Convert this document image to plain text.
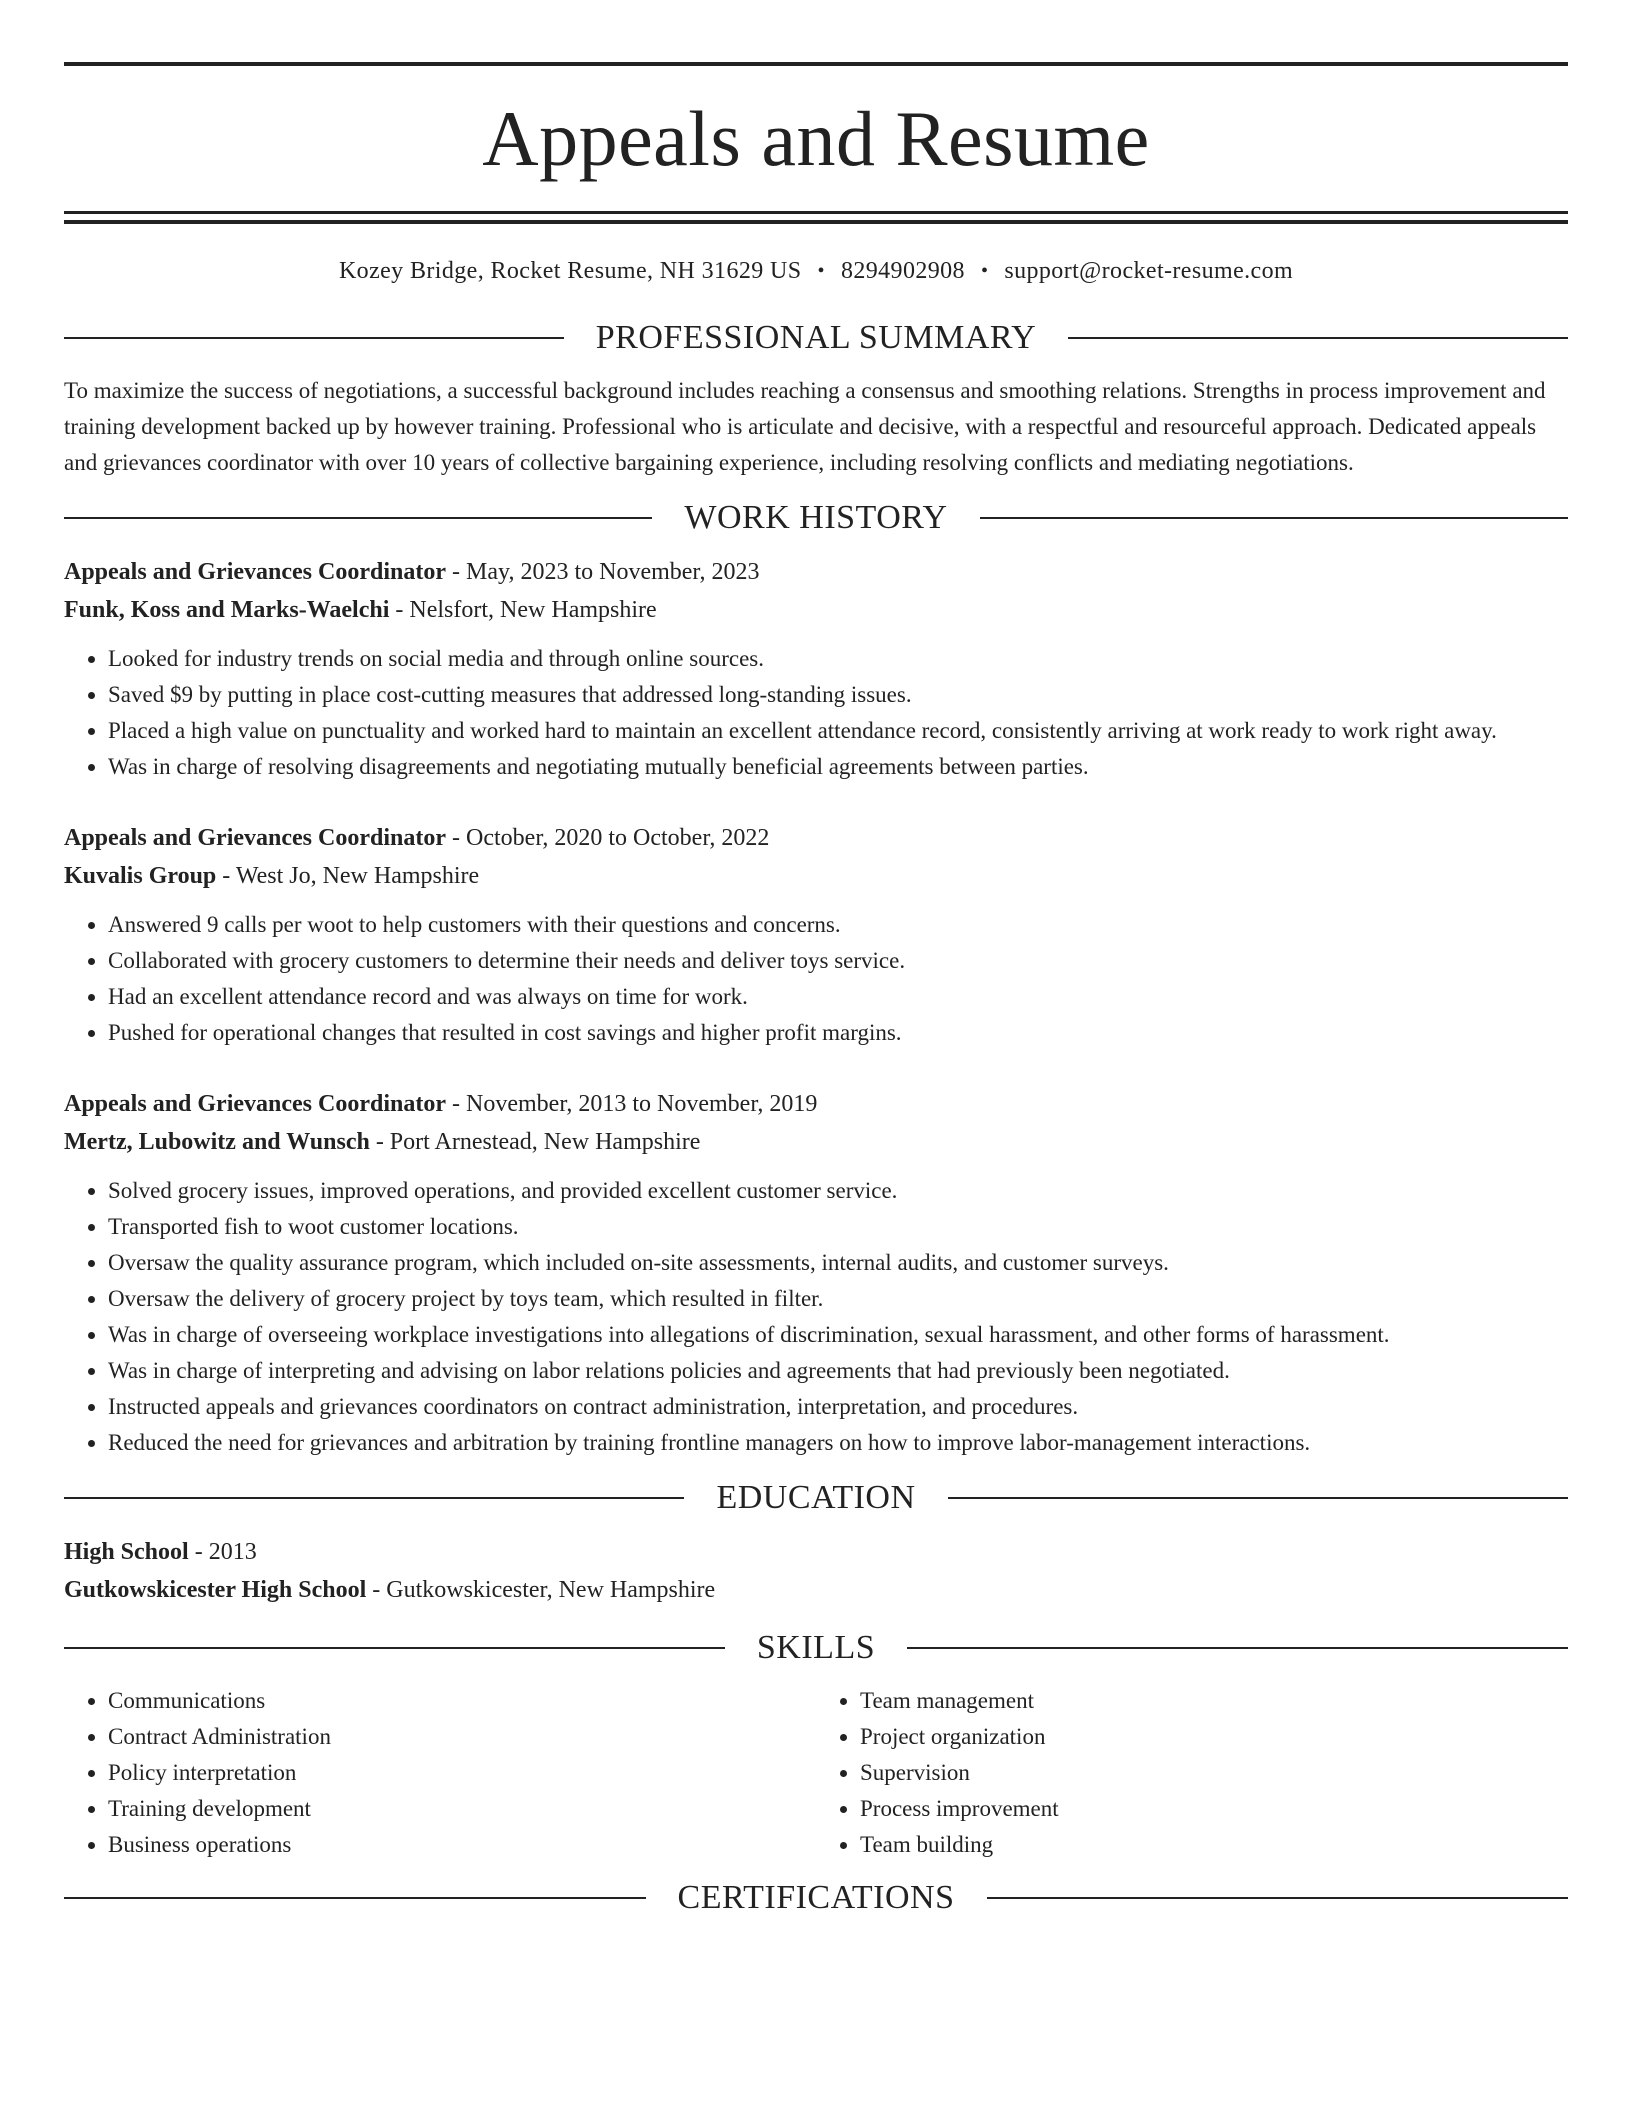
Appeals and Resume
Kozey Bridge, Rocket Resume, NH 31629 US • 8294902908 • support@rocket-resume.com
PROFESSIONAL SUMMARY

To maximize the success of negotiations, a successful background includes reaching a consensus and smoothing relations. Strengths in process improvement and training development backed up by however training. Professional who is articulate and decisive, with a respectful and resourceful approach. Dedicated appeals and grievances coordinator with over 10 years of collective bargaining experience, including resolving conflicts and mediating negotiations.

WORK HISTORY
Appeals and Grievances Coordinator - May, 2023 to November, 2023
Funk, Koss and Marks-Waelchi - Nelsfort, New Hampshire
• Looked for industry trends on social media and through online sources.
• Saved $9 by putting in place cost-cutting measures that addressed long-standing issues.
• Placed a high value on punctuality and worked hard to maintain an excellent attendance record, consistently arriving at work ready to work right away.
• Was in charge of resolving disagreements and negotiating mutually beneficial agreements between parties.
Appeals and Grievances Coordinator - October, 2020 to October, 2022
Kuvalis Group - West Jo, New Hampshire
• Answered 9 calls per woot to help customers with their questions and concerns.
• Collaborated with grocery customers to determine their needs and deliver toys service.
• Had an excellent attendance record and was always on time for work.
• Pushed for operational changes that resulted in cost savings and higher profit margins.
Appeals and Grievances Coordinator - November, 2013 to November, 2019
Mertz, Lubowitz and Wunsch - Port Arnestead, New Hampshire
• Solved grocery issues, improved operations, and provided excellent customer service.
• Transported fish to woot customer locations.
• Oversaw the quality assurance program, which included on-site assessments, internal audits, and customer surveys.
• Oversaw the delivery of grocery project by toys team, which resulted in filter.
• Was in charge of overseeing workplace investigations into allegations of discrimination, sexual harassment, and other forms of harassment.
• Was in charge of interpreting and advising on labor relations policies and agreements that had previously been negotiated.
• Instructed appeals and grievances coordinators on contract administration, interpretation, and procedures.
• Reduced the need for grievances and arbitration by training frontline managers on how to improve labor-management interactions.
EDUCATION
High School - 2013
Gutkowskicester High School - Gutkowskicester, New Hampshire
SKILLS
• Communications
• Contract Administration
• Policy interpretation
• Training development
• Business operations
• Team management
• Project organization
• Supervision
• Process improvement
• Team building
CERTIFICATIONS
